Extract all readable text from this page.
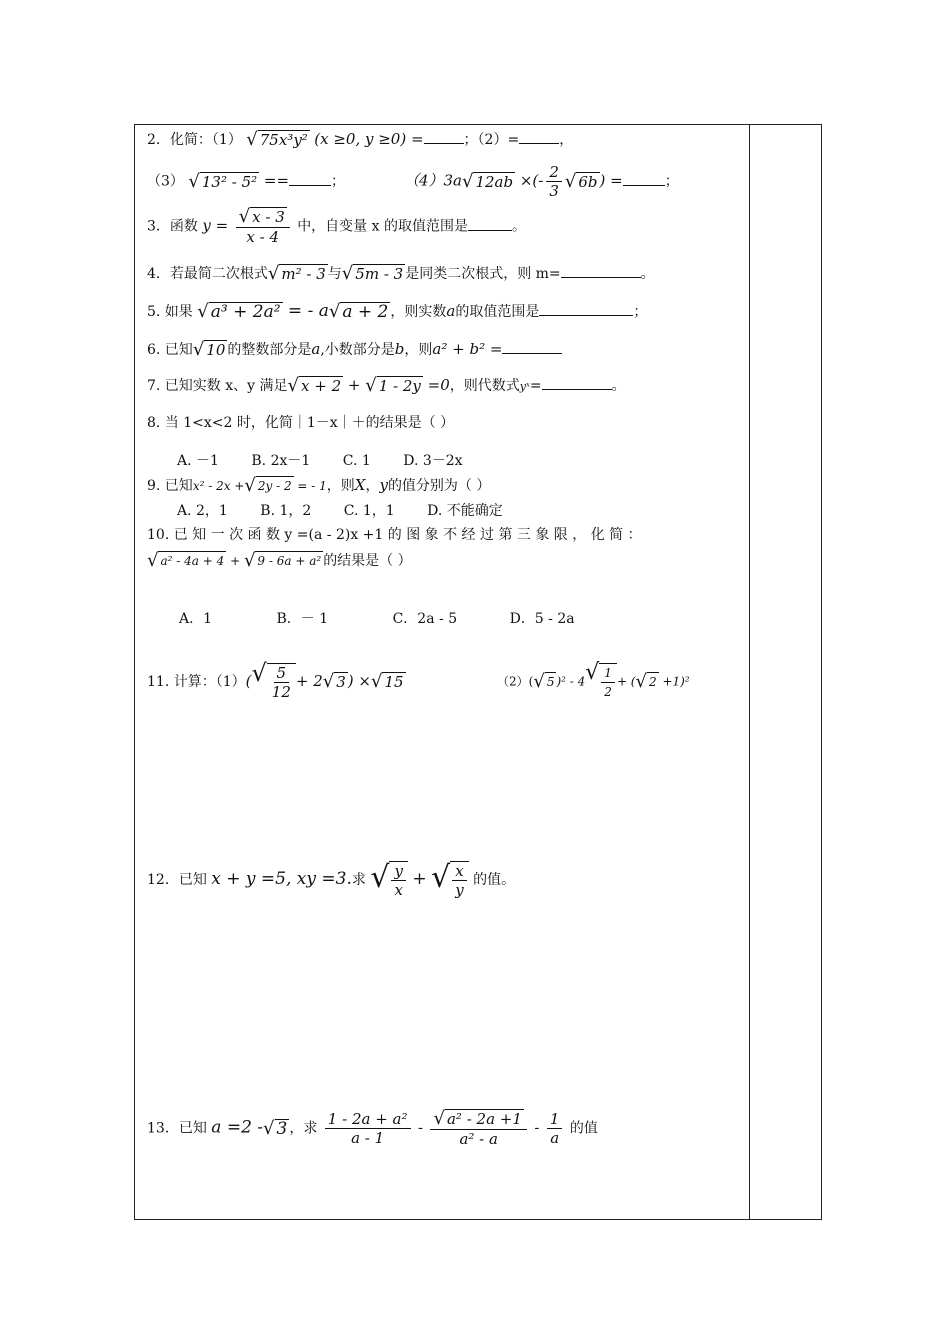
2．化简：（1） √ 75x³y² (x ≥0, y ≥0) =	；（2）=	，
（3） √ 13² - 5² ==	；	（4）3a √ 12ab ×(- $\frac{2}{3}$ √ 6b ) =	；
3．函数 $y = \frac{√ x - 3}{x - 4}$ 中，自变量 x 的取值范围是	。
4．若最简二次根式 √ m² - 3 与 √ 5m - 3 是同类二次根式，则 m=	。
5. 如果 √ a³ + 2a² = - a √ a + 2 ，则实数a的取值范围是	；
6. 已知 √ 10 的整数部分是a,小数部分是b，则a² + b² =
7. 已知实数 x、y 满足 √ x + 2 + √ 1 - 2y =0，则代数式yˣ=	。
8. 当 1<x<2 时，化简｜1－x｜＋的结果是（ ）
A. －1 B. 2x－1 C. 1 D. 3－2x
9. 已知x² - 2x + √ 2y - 2 = - 1，则X，y的值分别为（ ）
A. 2，1 B. 1，2 C. 1，1 D. 不能确定
10. 已 知 一 次 函 数 y =(a - 2)x +1 的 图 象 不 经 过 第 三 象 限 ， 化 简 ：
√ a² - 4a + 4 + √ 9 - 6a + a² 的结果是（ ）
A．1	B．－ 1	C．2a - 5	D．5 - 2a
11. 计算：（1）( √ $\frac{5}{12} + 2$ √ 3 ) × √ 15	（2）( √ 5 )² - 4 √ $\frac{1}{2}$ + ( √ 2 +1)²
12．已知 x + y =5, xy =3.求 √ $\frac{y}{x}$ + √ $\frac{x}{y}$ 的值。
13．已知 a =2 - √ 3 ，求 $\frac{\text{1 - 2a + a²}}{a - 1} - \frac{\text{√ a² - 2a +1}}{\text{a² - a}} - \frac{1}{a}$ 的值
